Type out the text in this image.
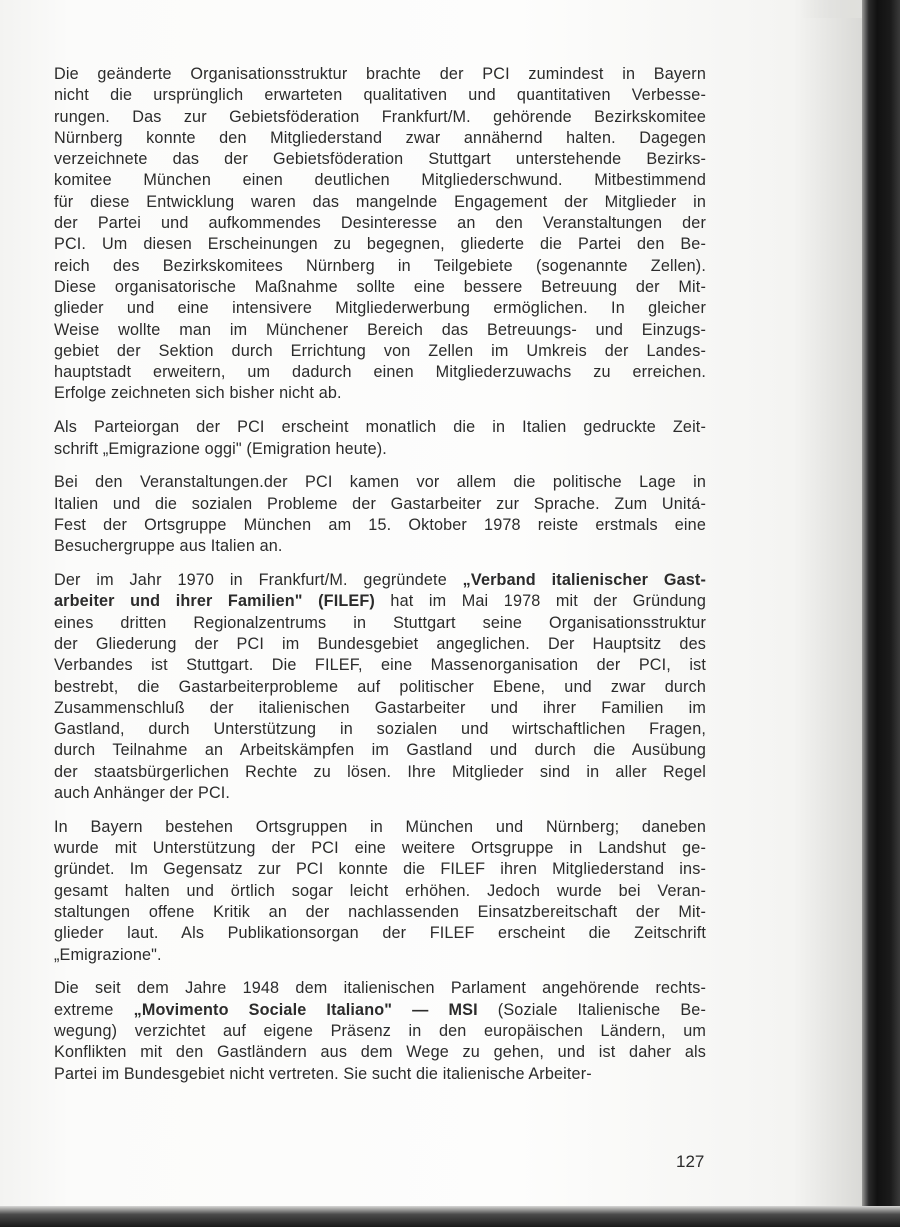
Die geänderte Organisationsstruktur brachte der PCI zumindest in Bayern
nicht die ursprünglich erwarteten qualitativen und quantitativen Verbesse-
rungen. Das zur Gebietsföderation Frankfurt/M. gehörende Bezirkskomitee
Nürnberg konnte den Mitgliederstand zwar annähernd halten. Dagegen
verzeichnete das der Gebietsföderation Stuttgart unterstehende Bezirks-
komitee München einen deutlichen Mitgliederschwund. Mitbestimmend
für diese Entwicklung waren das mangelnde Engagement der Mitglieder in
der Partei und aufkommendes Desinteresse an den Veranstaltungen der
PCI. Um diesen Erscheinungen zu begegnen, gliederte die Partei den Be-
reich des Bezirkskomitees Nürnberg in Teilgebiete (sogenannte Zellen).
Diese organisatorische Maßnahme sollte eine bessere Betreuung der Mit-
glieder und eine intensivere Mitgliederwerbung ermöglichen. In gleicher
Weise wollte man im Münchener Bereich das Betreuungs- und Einzugs-
gebiet der Sektion durch Errichtung von Zellen im Umkreis der Landes-
hauptstadt erweitern, um dadurch einen Mitgliederzuwachs zu erreichen.
Erfolge zeichneten sich bisher nicht ab.
Als Parteiorgan der PCI erscheint monatlich die in Italien gedruckte Zeit-
schrift „Emigrazione oggi" (Emigration heute).
Bei den Veranstaltungen.der PCI kamen vor allem die politische Lage in
Italien und die sozialen Probleme der Gastarbeiter zur Sprache. Zum Unitá-
Fest der Ortsgruppe München am 15. Oktober 1978 reiste erstmals eine
Besuchergruppe aus Italien an.
Der im Jahr 1970 in Frankfurt/M. gegründete „Verband italienischer Gast-
arbeiter und ihrer Familien" (FILEF) hat im Mai 1978 mit der Gründung
eines dritten Regionalzentrums in Stuttgart seine Organisationsstruktur
der Gliederung der PCI im Bundesgebiet angeglichen. Der Hauptsitz des
Verbandes ist Stuttgart. Die FILEF, eine Massenorganisation der PCI, ist
bestrebt, die Gastarbeiterprobleme auf politischer Ebene, und zwar durch
Zusammenschluß der italienischen Gastarbeiter und ihrer Familien im
Gastland, durch Unterstützung in sozialen und wirtschaftlichen Fragen,
durch Teilnahme an Arbeitskämpfen im Gastland und durch die Ausübung
der staatsbürgerlichen Rechte zu lösen. Ihre Mitglieder sind in aller Regel
auch Anhänger der PCI.
In Bayern bestehen Ortsgruppen in München und Nürnberg; daneben
wurde mit Unterstützung der PCI eine weitere Ortsgruppe in Landshut ge-
gründet. Im Gegensatz zur PCI konnte die FILEF ihren Mitgliederstand ins-
gesamt halten und örtlich sogar leicht erhöhen. Jedoch wurde bei Veran-
staltungen offene Kritik an der nachlassenden Einsatzbereitschaft der Mit-
glieder laut. Als Publikationsorgan der FILEF erscheint die Zeitschrift
„Emigrazione".
Die seit dem Jahre 1948 dem italienischen Parlament angehörende rechts-
extreme „Movimento Sociale Italiano" — MSI (Soziale Italienische Be-
wegung) verzichtet auf eigene Präsenz in den europäischen Ländern, um
Konflikten mit den Gastländern aus dem Wege zu gehen, und ist daher als
Partei im Bundesgebiet nicht vertreten. Sie sucht die italienische Arbeiter-
127
